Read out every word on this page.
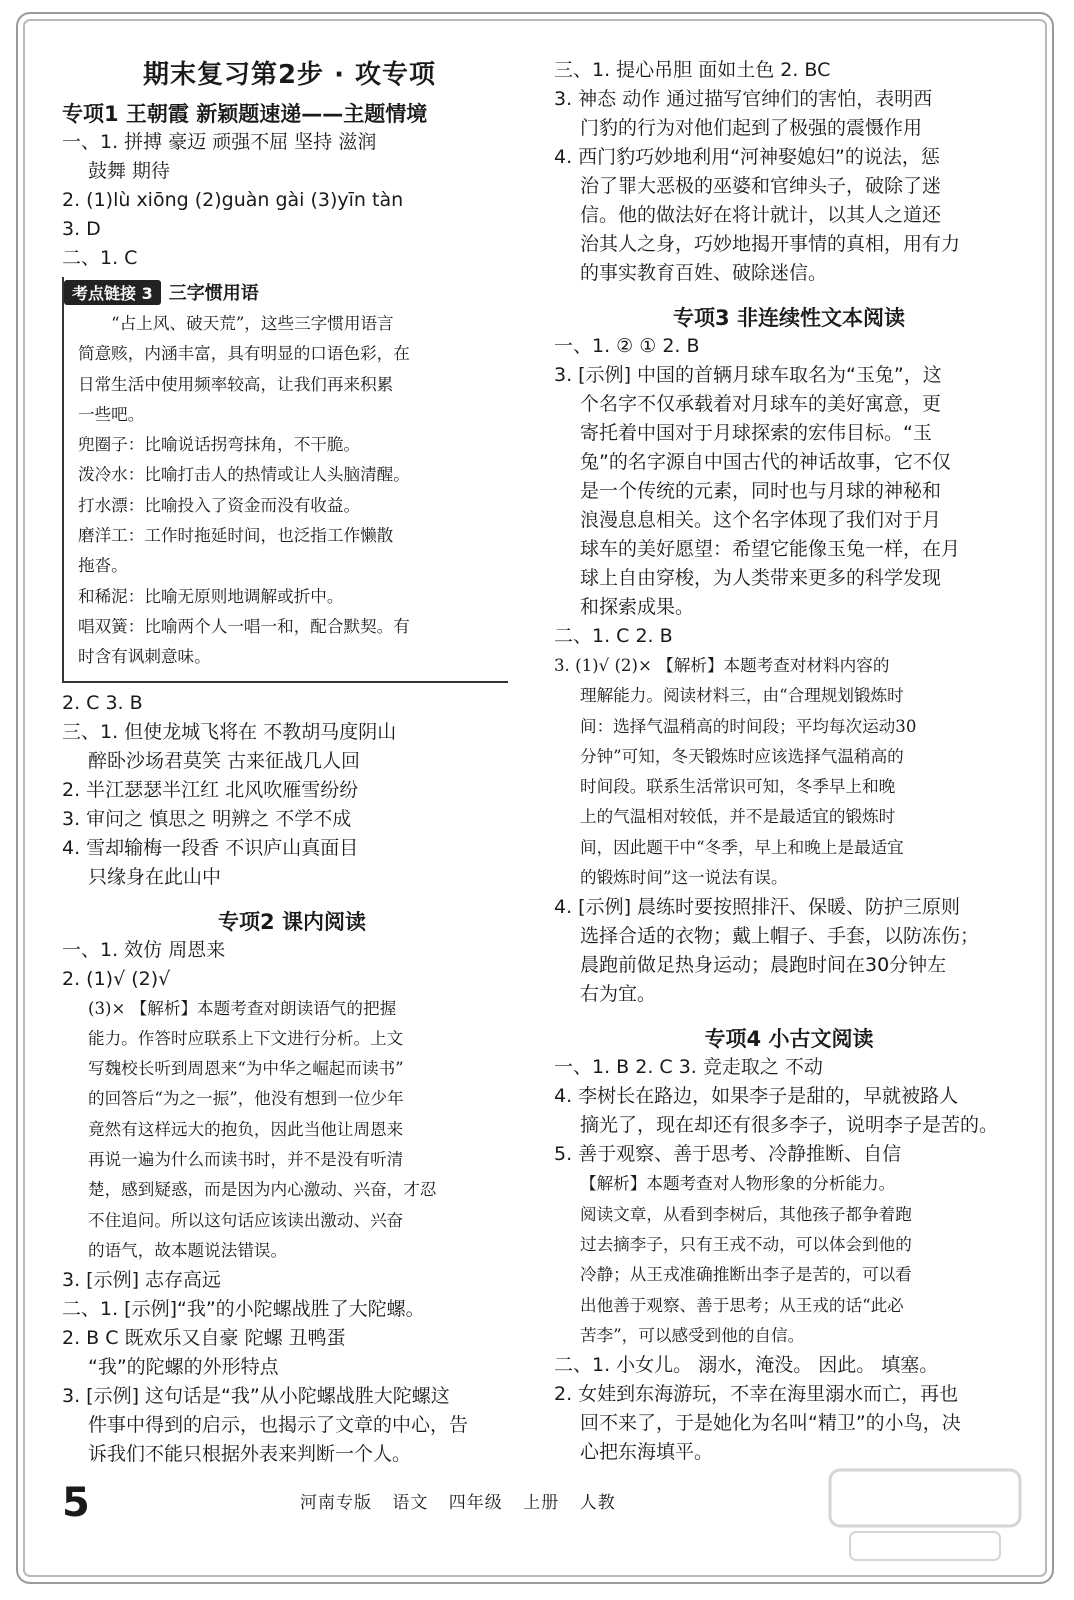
期末复习第2步 · 攻专项
专项1 王朝霞 新颖题速递——主题情境
一、1. 拼搏 豪迈 顽强不屈 坚持 滋润
鼓舞 期待
2. (1)lù xiōng (2)guàn gài (3)yīn tàn
3. D
二、1. C
考点链接 3 三字惯用语
　　“占上风、破天荒”，这些三字惯用语言
简意赅，内涵丰富，具有明显的口语色彩，在
日常生活中使用频率较高，让我们再来积累
一些吧。
兜圈子：比喻说话拐弯抹角，不干脆。
泼冷水：比喻打击人的热情或让人头脑清醒。
打水漂：比喻投入了资金而没有收益。
磨洋工：工作时拖延时间，也泛指工作懒散
拖沓。
和稀泥：比喻无原则地调解或折中。
唱双簧：比喻两个人一唱一和，配合默契。有
时含有讽刺意味。
2. C 3. B
三、1. 但使龙城飞将在 不教胡马度阴山
醉卧沙场君莫笑 古来征战几人回
2. 半江瑟瑟半江红 北风吹雁雪纷纷
3. 审问之 慎思之 明辨之 不学不成
4. 雪却输梅一段香 不识庐山真面目
只缘身在此山中
专项2 课内阅读
一、1. 效仿 周恩来
2. (1)√ (2)√
(3)× 【解析】本题考查对朗读语气的把握
能力。作答时应联系上下文进行分析。上文
写魏校长听到周恩来“为中华之崛起而读书”
的回答后“为之一振”，他没有想到一位少年
竟然有这样远大的抱负，因此当他让周恩来
再说一遍为什么而读书时，并不是没有听清
楚，感到疑惑，而是因为内心激动、兴奋，才忍
不住追问。所以这句话应该读出激动、兴奋
的语气，故本题说法错误。
3. [示例] 志存高远
二、1. [示例]“我”的小陀螺战胜了大陀螺。
2. B C 既欢乐又自豪 陀螺 丑鸭蛋
“我”的陀螺的外形特点
3. [示例] 这句话是“我”从小陀螺战胜大陀螺这
件事中得到的启示，也揭示了文章的中心，告
诉我们不能只根据外表来判断一个人。
三、1. 提心吊胆 面如土色 2. BC
3. 神态 动作 通过描写官绅们的害怕，表明西
门豹的行为对他们起到了极强的震慑作用
4. 西门豹巧妙地利用“河神娶媳妇”的说法，惩
治了罪大恶极的巫婆和官绅头子，破除了迷
信。他的做法好在将计就计，以其人之道还
治其人之身，巧妙地揭开事情的真相，用有力
的事实教育百姓、破除迷信。
专项3 非连续性文本阅读
一、1. ② ① 2. B
3. [示例] 中国的首辆月球车取名为“玉兔”，这
个名字不仅承载着对月球车的美好寓意，更
寄托着中国对于月球探索的宏伟目标。“玉
兔”的名字源自中国古代的神话故事，它不仅
是一个传统的元素，同时也与月球的神秘和
浪漫息息相关。这个名字体现了我们对于月
球车的美好愿望：希望它能像玉兔一样，在月
球上自由穿梭，为人类带来更多的科学发现
和探索成果。
二、1. C 2. B
3. (1)√ (2)× 【解析】本题考查对材料内容的
理解能力。阅读材料三，由“合理规划锻炼时
间：选择气温稍高的时间段；平均每次运动30
分钟”可知，冬天锻炼时应该选择气温稍高的
时间段。联系生活常识可知，冬季早上和晚
上的气温相对较低，并不是最适宜的锻炼时
间，因此题干中“冬季，早上和晚上是最适宜
的锻炼时间”这一说法有误。
4. [示例] 晨练时要按照排汗、保暖、防护三原则
选择合适的衣物；戴上帽子、手套，以防冻伤；
晨跑前做足热身运动；晨跑时间在30分钟左
右为宜。
专项4 小古文阅读
一、1. B 2. C 3. 竞走取之 不动
4. 李树长在路边，如果李子是甜的，早就被路人
摘光了，现在却还有很多李子，说明李子是苦的。
5. 善于观察、善于思考、冷静推断、自信
【解析】本题考查对人物形象的分析能力。
阅读文章，从看到李树后，其他孩子都争着跑
过去摘李子，只有王戎不动，可以体会到他的
冷静；从王戎准确推断出李子是苦的，可以看
出他善于观察、善于思考；从王戎的话“此必
苦李”，可以感受到他的自信。
二、1. 小女儿。 溺水，淹没。 因此。 填塞。
2. 女娃到东海游玩，不幸在海里溺水而亡，再也
回不来了，于是她化为名叫“精卫”的小鸟，决
心把东海填平。
5	河南专版 语文 四年级 上册 人教
